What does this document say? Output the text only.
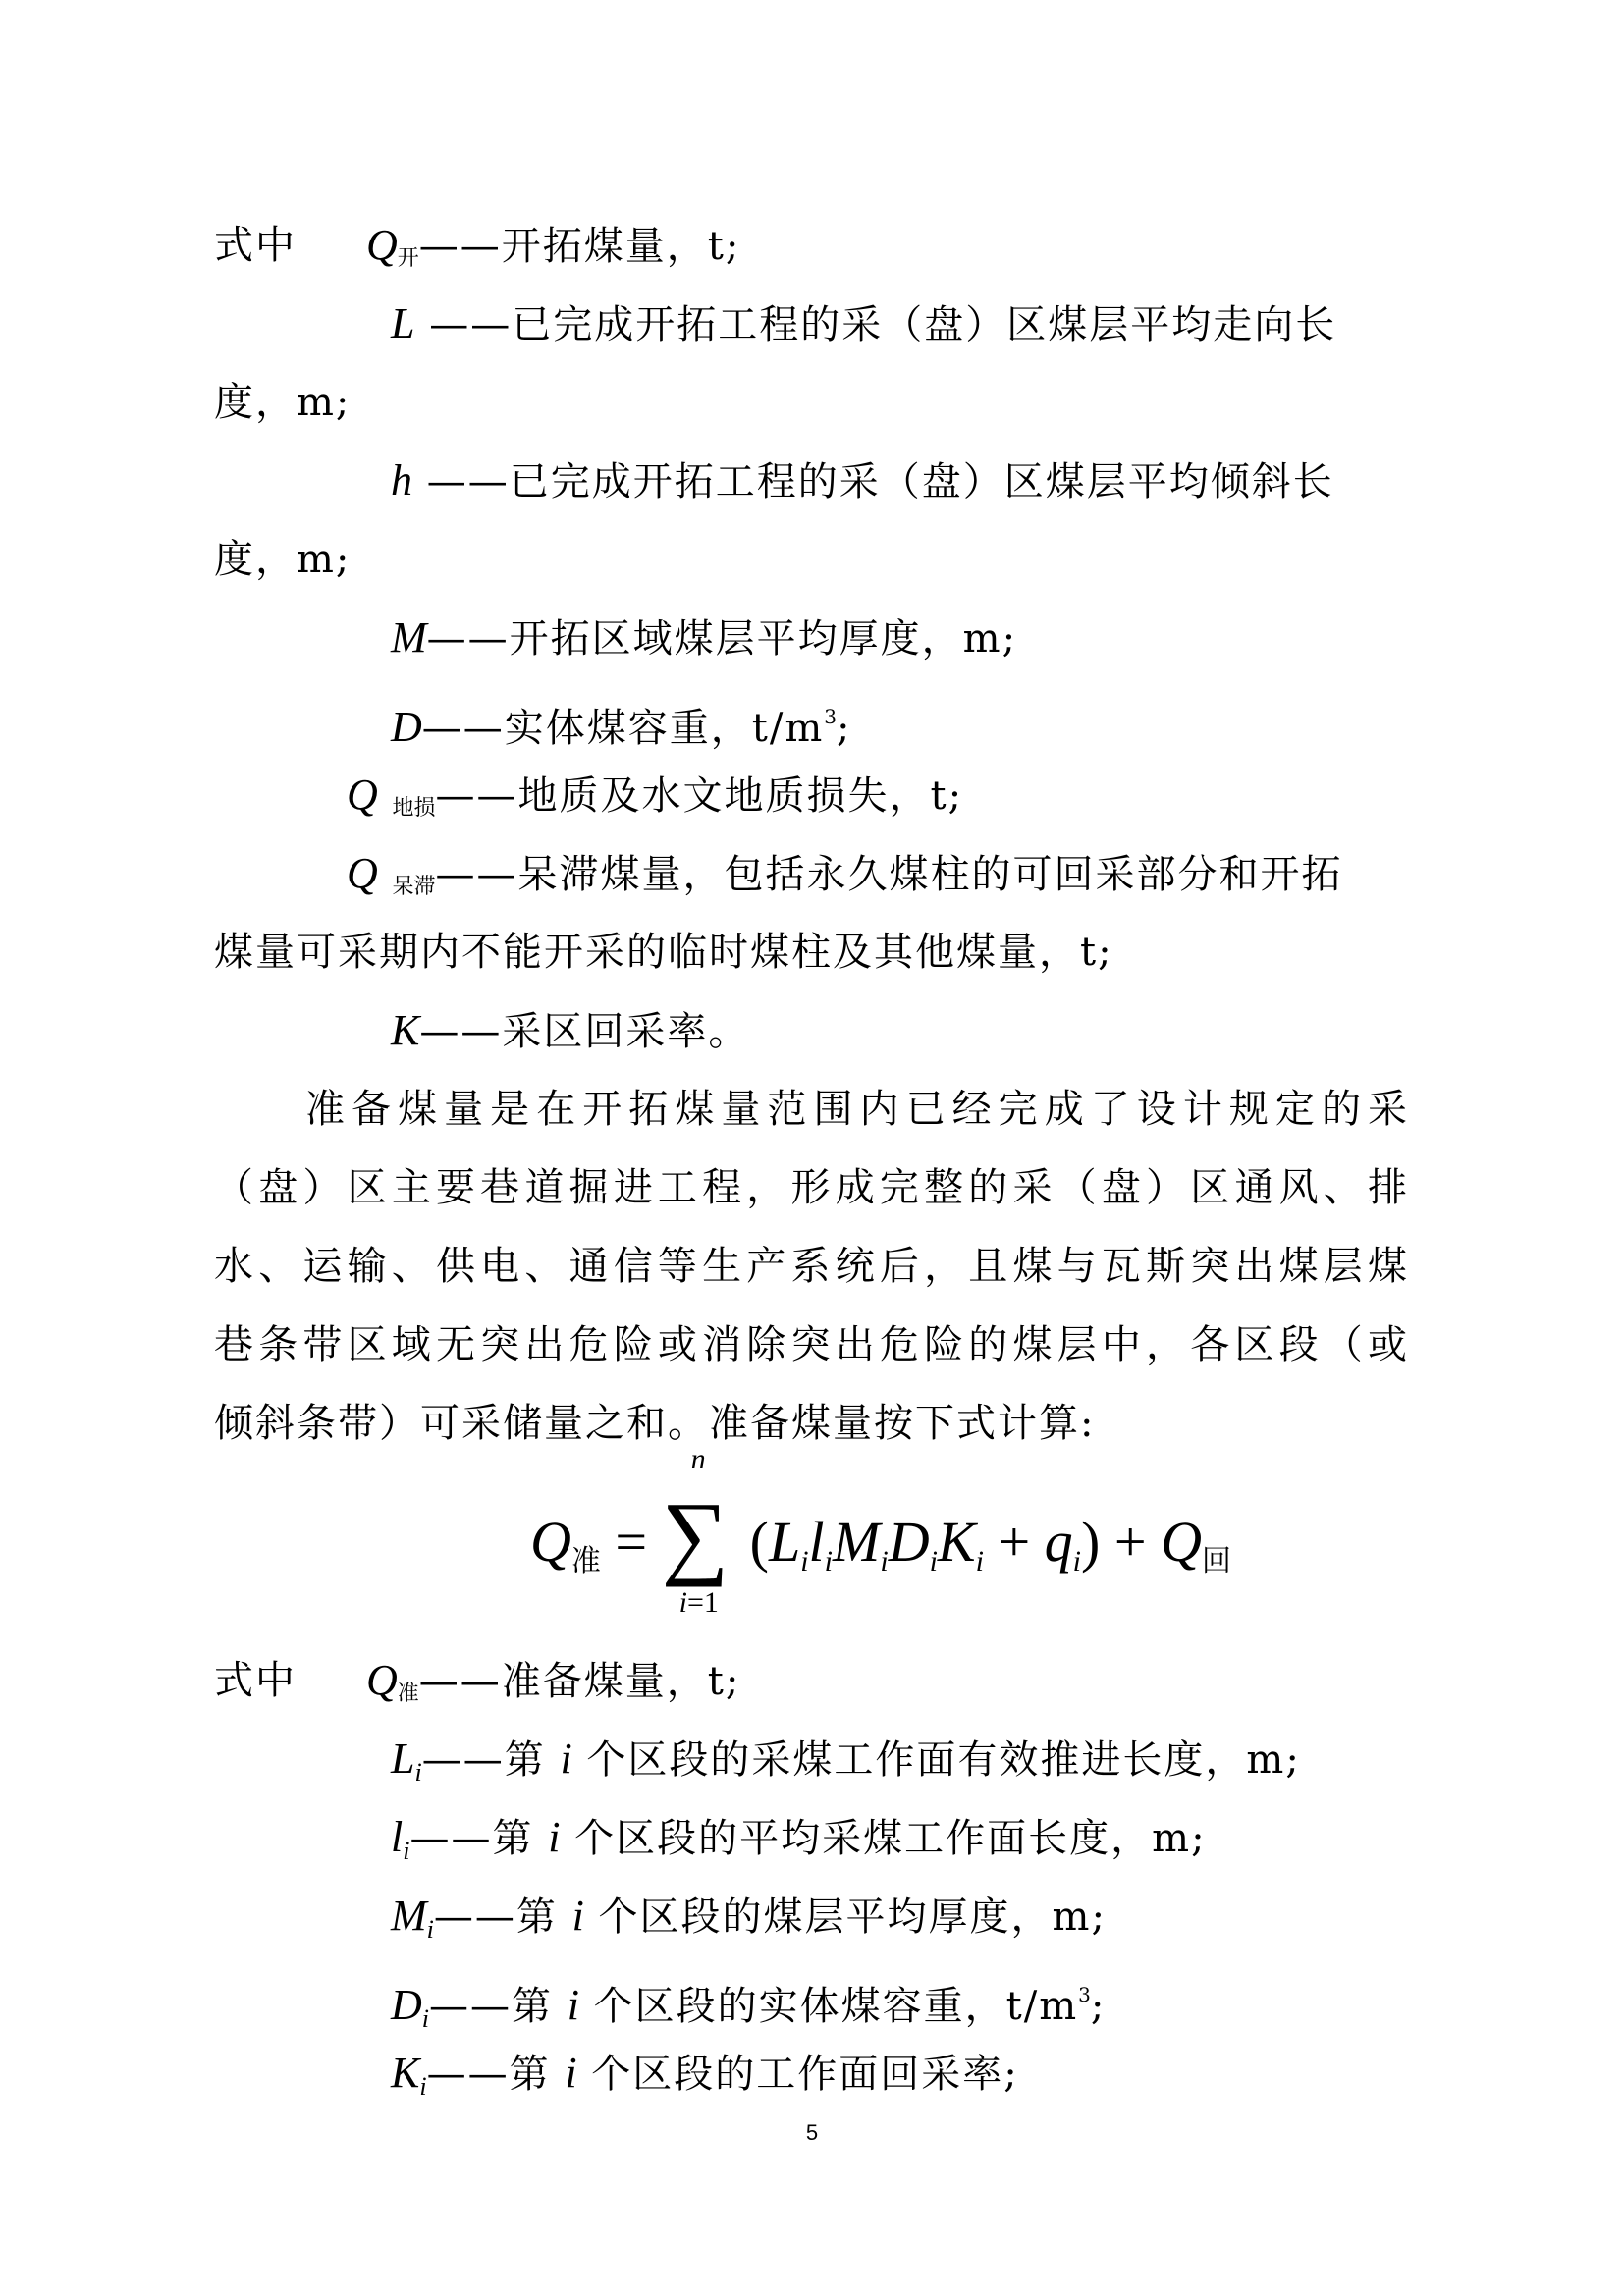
式中 $Q_开——$开拓煤量，t;
L ——已完成开拓工程的采（盘）区煤层平均走向长
度，m;
h ——已完成开拓工程的采（盘）区煤层平均倾斜长
度，m;
M——开拓区域煤层平均厚度，m;
D——实体煤容重，$t/m^3$;
Q $_{地损}$——地质及水文地质损失，t;
Q $_{呆滞}$——呆滞煤量，包括永久煤柱的可回采部分和开拓
煤量可采期内不能开采的临时煤柱及其他煤量，t;
K——采区回采率。
准备煤量是在开拓煤量范围内已经完成了设计规定的采
（盘）区主要巷道掘进工程，形成完整的采（盘）区通风、排
水、运输、供电、通信等生产系统后，且煤与瓦斯突出煤层煤
巷条带区域无突出危险或消除突出危险的煤层中，各区段（或
倾斜条带）可采储量之和。准备煤量按下式计算:
Q准 = ∑
n
i=1
(LiliMiDiKi + qi) + Q回
式中 $Q_准——$准备煤量，t;
$L_i——$第 i 个区段的采煤工作面有效推进长度，m;
$l_i——$第 i 个区段的平均采煤工作面长度，m;
$M_i——$第 i 个区段的煤层平均厚度，m;
$D_i——$第 i 个区段的实体煤容重，$t/m^3$;
$K_i——$第 i 个区段的工作面回采率;
5
